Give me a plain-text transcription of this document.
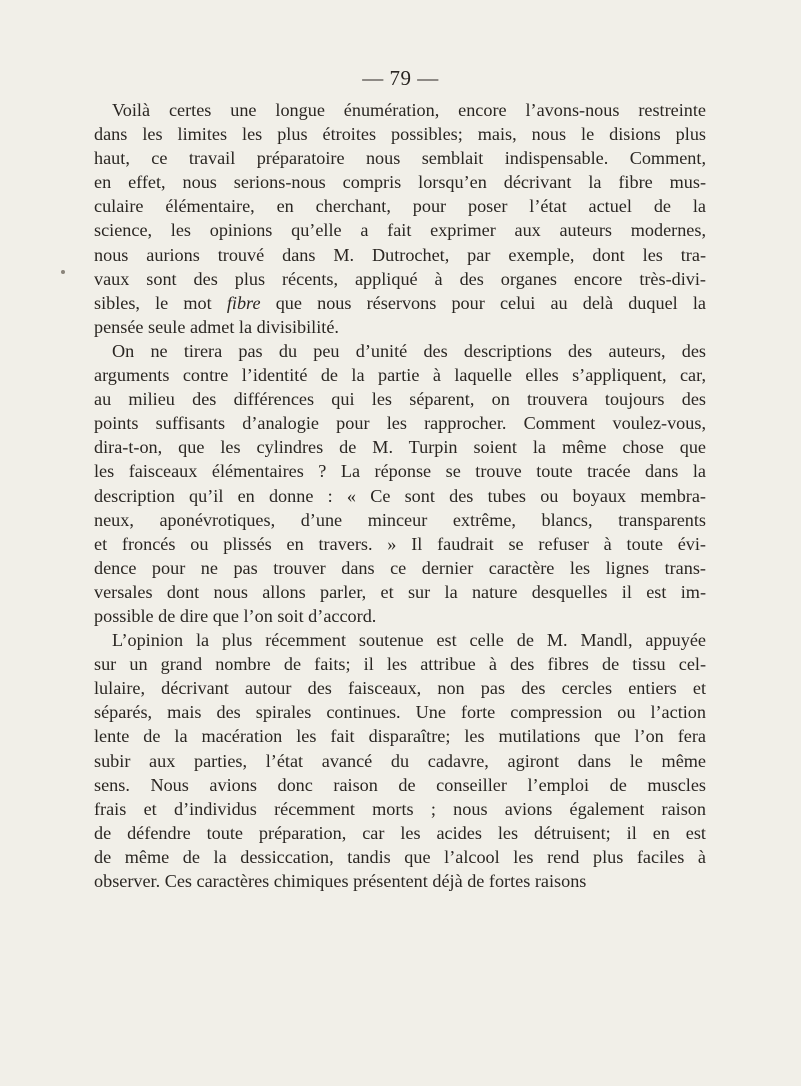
— 79 —
Voilà certes une longue énumération, encore l’avons-nous restreinte
dans les limites les plus étroites possibles; mais, nous le disions plus
haut, ce travail préparatoire nous semblait indispensable. Comment,
en effet, nous serions-nous compris lorsqu’en décrivant la fibre mus-
culaire élémentaire, en cherchant, pour poser l’état actuel de la
science, les opinions qu’elle a fait exprimer aux auteurs modernes,
nous aurions trouvé dans M. Dutrochet, par exemple, dont les tra-
vaux sont des plus récents, appliqué à des organes encore très-divi-
sibles, le mot fibre que nous réservons pour celui au delà duquel la
pensée seule admet la divisibilité.
On ne tirera pas du peu d’unité des descriptions des auteurs, des
arguments contre l’identité de la partie à laquelle elles s’appliquent, car,
au milieu des différences qui les séparent, on trouvera toujours des
points suffisants d’analogie pour les rapprocher. Comment voulez-vous,
dira-t-on, que les cylindres de M. Turpin soient la même chose que
les faisceaux élémentaires ? La réponse se trouve toute tracée dans la
description qu’il en donne : « Ce sont des tubes ou boyaux membra-
neux, aponévrotiques, d’une minceur extrême, blancs, transparents
et froncés ou plissés en travers. » Il faudrait se refuser à toute évi-
dence pour ne pas trouver dans ce dernier caractère les lignes trans-
versales dont nous allons parler, et sur la nature desquelles il est im-
possible de dire que l’on soit d’accord.
L’opinion la plus récemment soutenue est celle de M. Mandl, appuyée
sur un grand nombre de faits; il les attribue à des fibres de tissu cel-
lulaire, décrivant autour des faisceaux, non pas des cercles entiers et
séparés, mais des spirales continues. Une forte compression ou l’action
lente de la macération les fait disparaître; les mutilations que l’on fera
subir aux parties, l’état avancé du cadavre, agiront dans le même
sens. Nous avions donc raison de conseiller l’emploi de muscles
frais et d’individus récemment morts ; nous avions également raison
de défendre toute préparation, car les acides les détruisent; il en est
de même de la dessiccation, tandis que l’alcool les rend plus faciles à
observer. Ces caractères chimiques présentent déjà de fortes raisons
